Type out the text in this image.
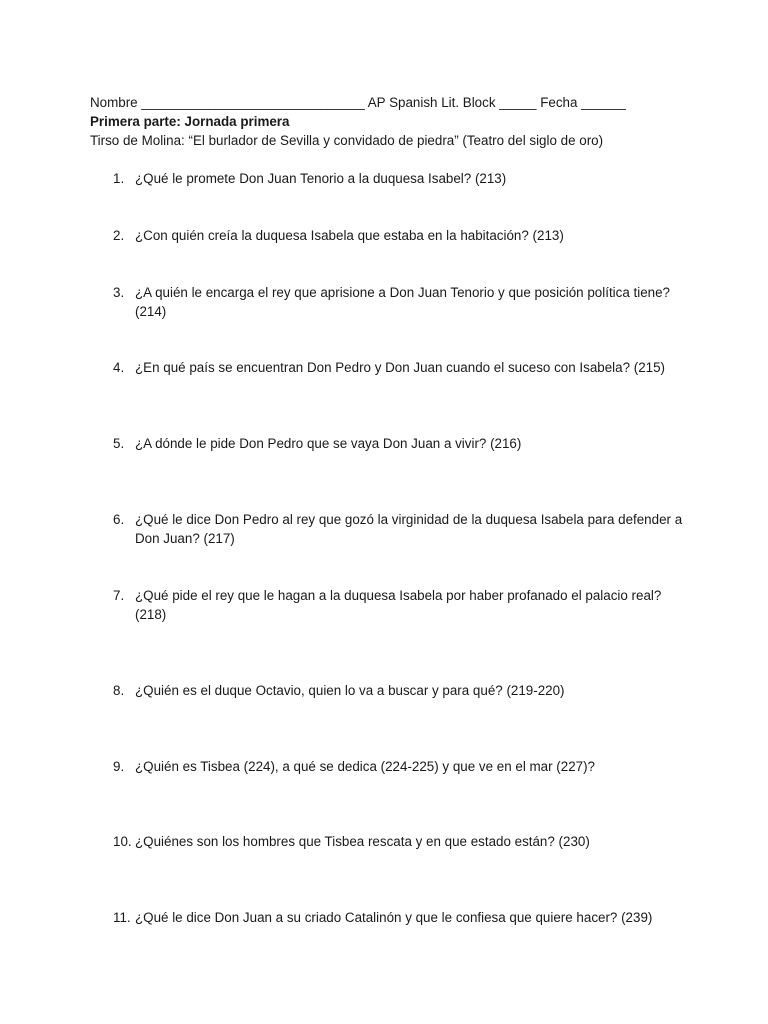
Nombre ______________________________ AP Spanish Lit. Block _____ Fecha ______
Primera parte: Jornada primera
Tirso de Molina: “El burlador de Sevilla y convidado de piedra” (Teatro del siglo de oro)
1. ¿Qué le promete Don Juan Tenorio a la duquesa Isabel? (213)
2. ¿Con quién creía la duquesa Isabela que estaba en la habitación? (213)
3. ¿A quién le encarga el rey que aprisione a Don Juan Tenorio y que posición política tiene? (214)
4. ¿En qué país se encuentran Don Pedro y Don Juan cuando el suceso con Isabela? (215)
5. ¿A dónde le pide Don Pedro que se vaya Don Juan a vivir? (216)
6. ¿Qué le dice Don Pedro al rey que gozó la virginidad de la duquesa Isabela para defender a Don Juan? (217)
7. ¿Qué pide el rey que le hagan a la duquesa Isabela por haber profanado el palacio real? (218)
8. ¿Quién es el duque Octavio, quien lo va a buscar y para qué? (219-220)
9. ¿Quién es Tisbea (224), a qué se dedica (224-225) y que ve en el mar (227)?
10. ¿Quiénes son los hombres que Tisbea rescata y en que estado están? (230)
11. ¿Qué le dice Don Juan a su criado Catalinón y que le confiesa que quiere hacer? (239)
